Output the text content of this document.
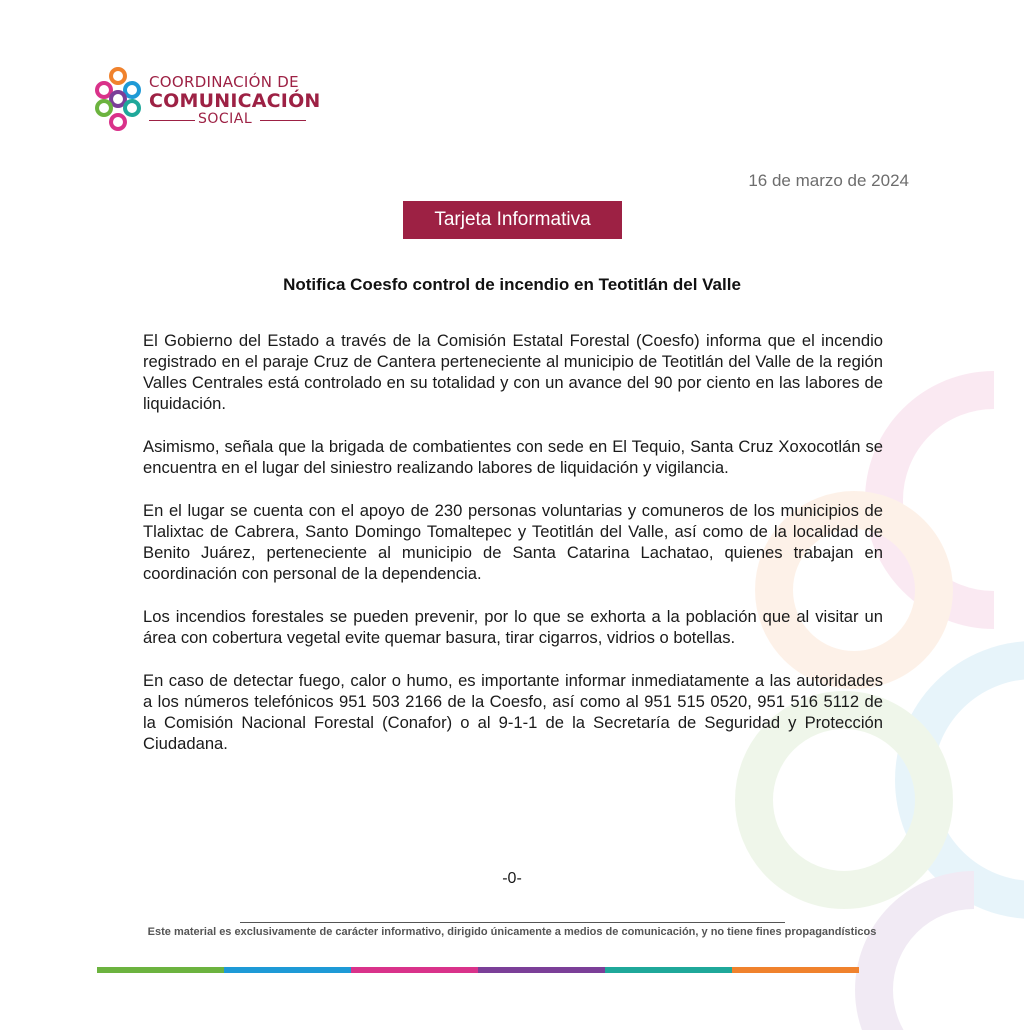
COORDINACIÓN DE
COMUNICACIÓN
SOCIAL
16 de marzo de 2024
Tarjeta Informativa
Notifica Coesfo control de incendio en Teotitlán del Valle

El Gobierno del Estado a través de la Comisión Estatal Forestal (Coesfo) informa que el incendio registrado en el paraje Cruz de Cantera perteneciente al municipio de Teotitlán del Valle de la región Valles Centrales está controlado en su totalidad y con un avance del 90 por ciento en las labores de liquidación.

Asimismo, señala que la brigada de combatientes con sede en El Tequio, Santa Cruz Xoxocotlán se encuentra en el lugar del siniestro realizando labores de liquidación y vigilancia.

En el lugar se cuenta con el apoyo de 230 personas voluntarias y comuneros de los municipios de Tlalixtac de Cabrera, Santo Domingo Tomaltepec y Teotitlán del Valle, así como de la localidad de Benito Juárez, perteneciente al municipio de Santa Catarina Lachatao, quienes trabajan en coordinación con personal de la dependencia.

Los incendios forestales se pueden prevenir, por lo que se exhorta a la población que al visitar un área con cobertura vegetal evite quemar basura, tirar cigarros, vidrios o botellas.

En caso de detectar fuego, calor o humo, es importante informar inmediatamente a las autoridades a los números telefónicos 951 503 2166 de la Coesfo, así como al 951 515 0520, 951 516 5112 de la Comisión Nacional Forestal (Conafor) o al 9-1-1 de la Secretaría de Seguridad y Protección Ciudadana.

-0-
Este material es exclusivamente de carácter informativo, dirigido únicamente a medios de comunicación, y no tiene fines propagandísticos
